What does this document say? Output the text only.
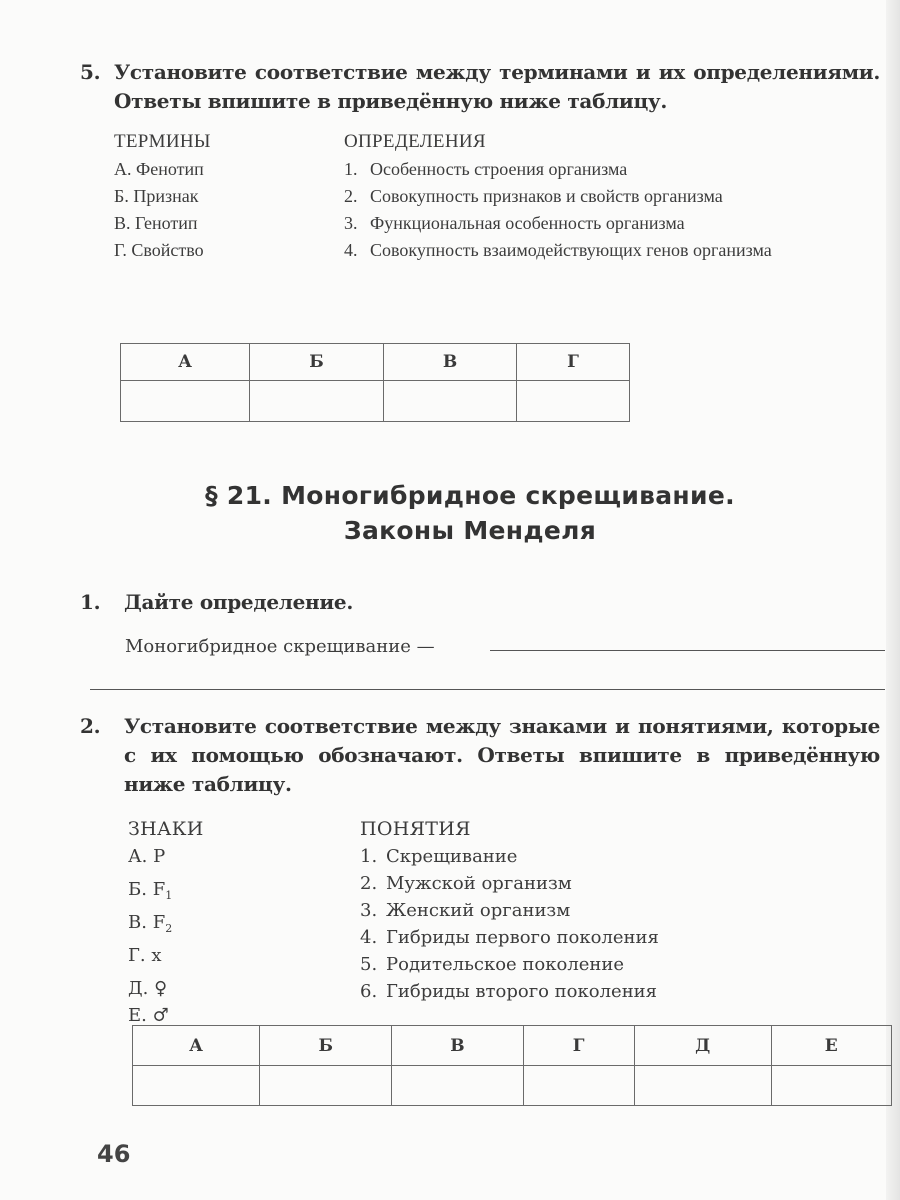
5. Установите соответствие между терминами и их определениями. Ответы впишите в приведённую ниже таблицу.
ТЕРМИНЫ
А. Фенотип
Б. Признак
В. Генотип
Г. Свойство
ОПРЕДЕЛЕНИЯ
1. Особенность строения организма
2. Совокупность признаков и свойств организма
3. Функциональная особенность организма
4. Совокупность взаимодействующих генов организма
А	Б	В	Г

§ 21. Моногибридное скрещивание.
Законы Менделя
1.	Дайте определение.
Моногибридное скрещивание —
2.	Установите соответствие между знаками и понятиями, которые с их помощью обозначают. Ответы впишите в приведённую ниже таблицу.
ЗНАКИ
А. P
Б. $F_1$
В. $F_2$
Г. x
Д. ♀
Е. ♂
ПОНЯТИЯ
1. Скрещивание
2. Мужской организм
3. Женский организм
4. Гибриды первого поколения
5. Родительское поколение
6. Гибриды второго поколения
А	Б	В	Г	Д	Е

46
